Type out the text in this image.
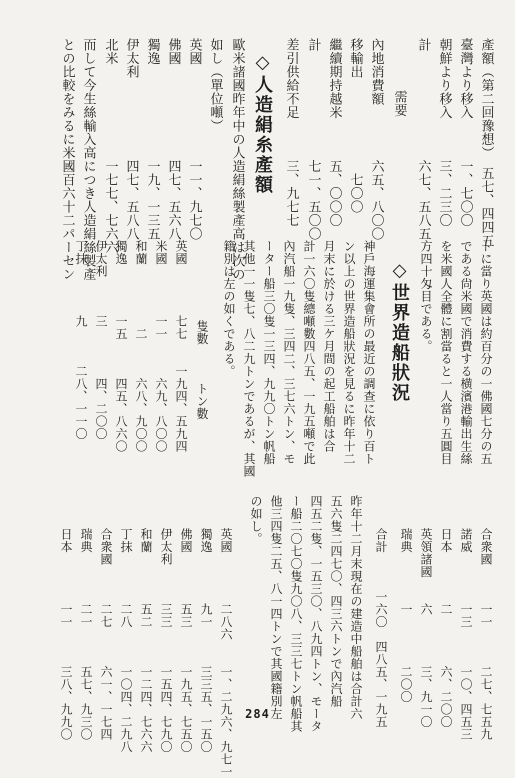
產額（第二回豫想）　五七、四四五
臺灣より移入　　　一、七〇〇
朝鮮より移入　　　三、二三〇
計　　　　　　　　六七、五八五
需要
內地消費額　　　　六五、八〇〇
移輸出　　　　　　　七〇〇
繼續期持越米　　　五、〇〇〇
計　　　　　　　　七一、五〇〇
差引供給不足　　　三、九七七
◇人造絹糸產額
歐米諸國昨年中の人造絹絲製產高は次の
如し（單位噸）
英國　　　　　　　一一、九七〇
佛國　　　　　　　四七、五六八
獨逸　　　　　　　一九、一三五
伊太利　　　　　　四七、五八八
北米　　　　　　　一七七、七六六
而して今生絲輸入高につき人造絹絲製產
との比較をみるに米國百六十二パーセン
トに當り英國は約百分の一佛國七分の五
である尙米國で消費する横濱港輸出生絲
を米國人全體に割當ると一人當り五圓目
方四十匁目である。
◇世界造船狀況
神戶海運集會所の最近の調查に依り百ト
ン以上の世界造船狀況を見るに昨年十二
月末に於ける三ケ月間の起工船舶は合
計一六〇隻總噸數四八五、一九五噸で此
內汽船一九隻、三四二、三七六トン、モ
ーター船三〇隻一三四、九九〇トン帆船
其他一一隻七、八二九トンであるが、其國
籍別は左の如くである。
隻數　　　トン數
英國　　　　七七　　一九四、五九四
米國　　　　一一　　　六九、八〇〇
和蘭　　　　　二　　　六八、九〇〇
獨逸　　　　一五　　　四五、八六〇
伊太利　　　三　　　　四、二〇〇
丁抹　　　　九　　　二八、一一〇
合衆國　　　一一　　　二七、七五九
諾威　　　　一三　　　一〇、四五三
日本　　　　二　　　　六、二〇〇
英領諸國　　六　　　　三、九一〇
瑞典　　　　一　　　　二〇〇
合計　　　一六〇　四八五、一九五
昨年十二月末現在の建造中船舶は合計六
五六隻二四七〇、四三六トンで內汽船
四五二隻、一五三〇、八九四トン、モータ
ー船二〇七〇隻九〇八、三三七トン帆船其
他三四隻二五、八一四トンで其國籍別左
の如し。
英國　　　　二八六　　一、二九六、九七一
獨逸　　　　九一　　　三三五、一五〇
佛國　　　　五三　　　一九五、七五〇
伊太利　　　三三　　　一五四、七九〇
和蘭　　　　五二　　　一二四、七六六
丁抹　　　　二八　　　一〇四、二九八
合衆國　　　二七　　　六一、一七四
瑞典　　　　二一　　　五七、九三〇
日本　　　　一一　　　三八、九九〇	284
